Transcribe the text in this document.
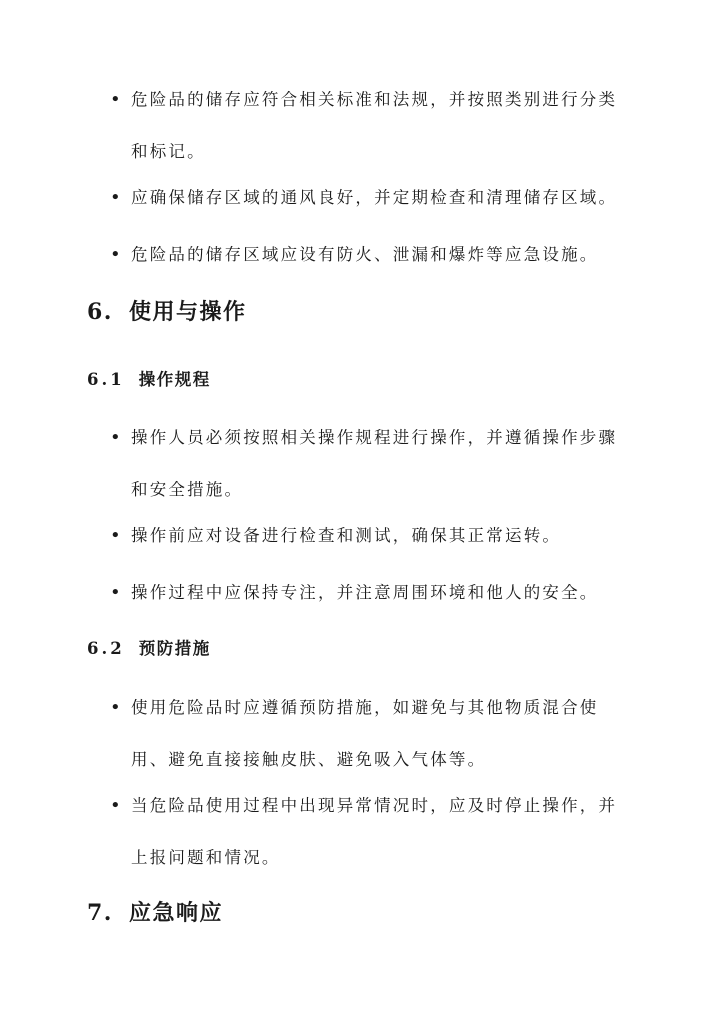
• 危险品的储存应符合相关标准和法规，并按照类别进行分类和标记。
• 应确保储存区域的通风良好，并定期检查和清理储存区域。
• 危险品的储存区域应设有防火、泄漏和爆炸等应急设施。
6. 使用与操作
6.1 操作规程
• 操作人员必须按照相关操作规程进行操作，并遵循操作步骤和安全措施。
• 操作前应对设备进行检查和测试，确保其正常运转。
• 操作过程中应保持专注，并注意周围环境和他人的安全。
6.2 预防措施
• 使用危险品时应遵循预防措施，如避免与其他物质混合使用、避免直接接触皮肤、避免吸入气体等。
• 当危险品使用过程中出现异常情况时，应及时停止操作，并上报问题和情况。
7. 应急响应
